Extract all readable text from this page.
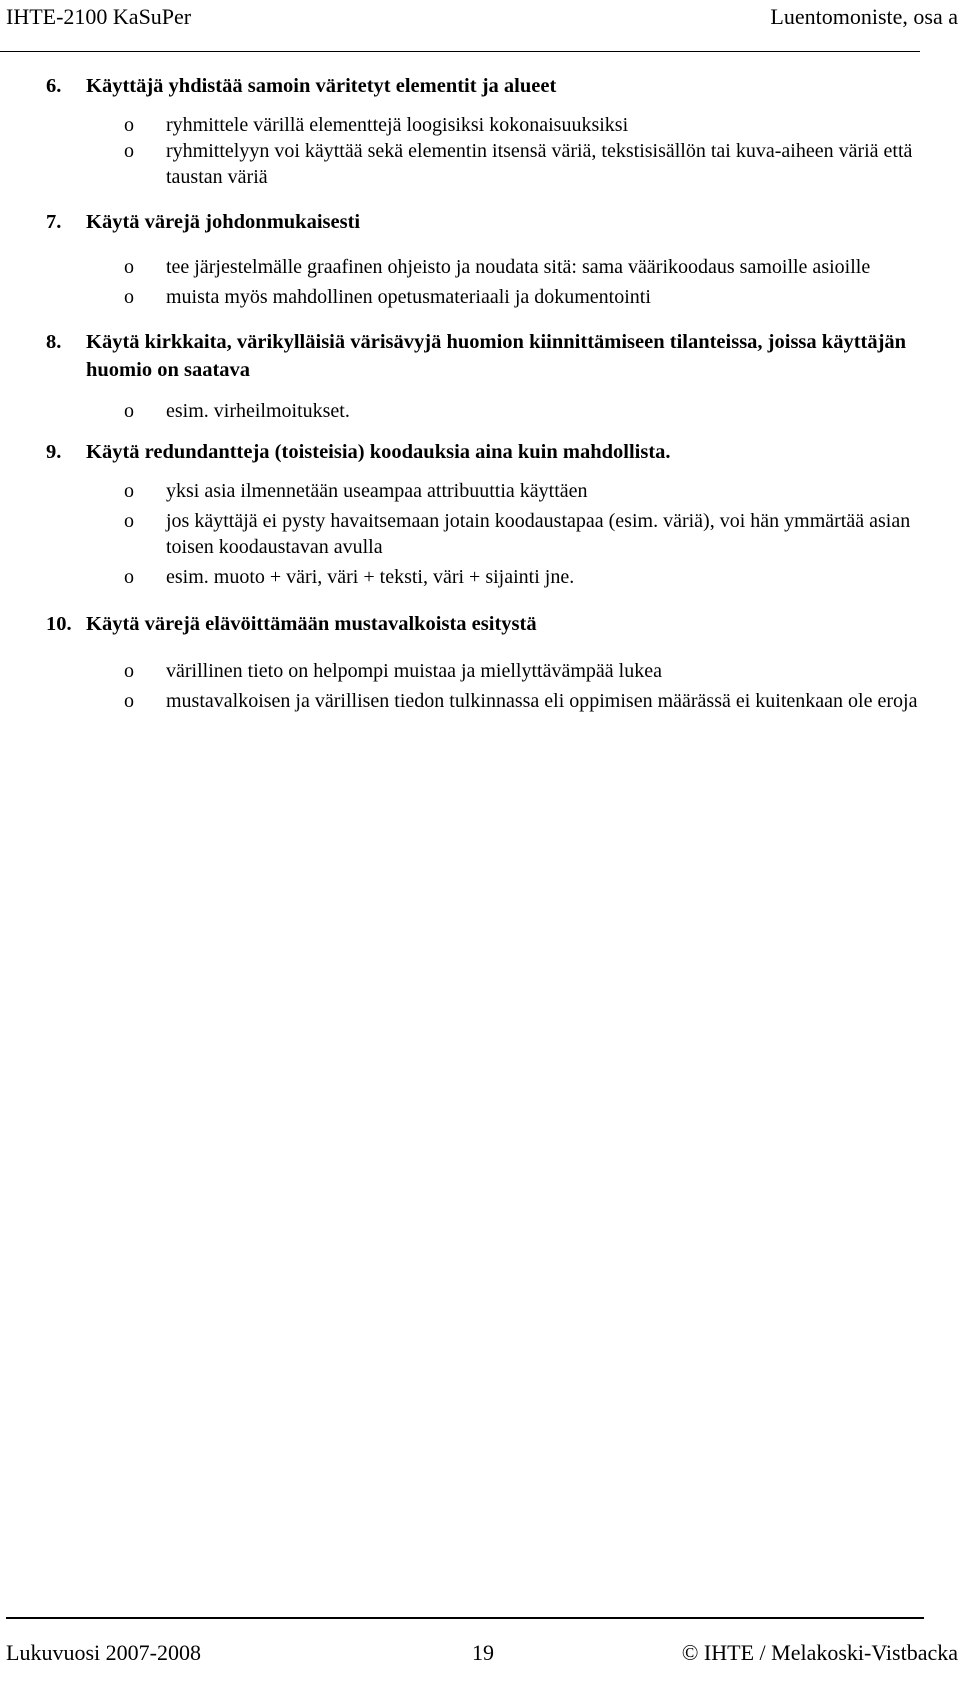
IHTE-2100 KaSuPer	Luentomoniste, osa a
6. Käyttäjä yhdistää samoin väritetyt elementit ja alueet
o ryhmittele värillä elementtejä loogisiksi kokonaisuuksiksi
o ryhmittelyyn voi käyttää sekä elementin itsensä väriä, tekstisisällön tai kuva-aiheen väriä että taustan väriä
7. Käytä värejä johdonmukaisesti
o tee järjestelmälle graafinen ohjeisto ja noudata sitä: sama väärikoodaus samoille asioille
o muista myös mahdollinen opetusmateriaali ja dokumentointi
8. Käytä kirkkaita, värikylläisiä värisävyjä huomion kiinnittämiseen tilanteissa, joissa käyttäjän huomio on saatava
o esim. virheilmoitukset.
9. Käytä redundantteja (toisteisia) koodauksia aina kuin mahdollista.
o yksi asia ilmennetään useampaa attribuuttia käyttäen
o jos käyttäjä ei pysty havaitsemaan jotain koodaustapaa (esim. väriä), voi hän ymmärtää asian toisen koodaustavan avulla
o esim. muoto + väri, väri + teksti, väri + sijainti jne.
10. Käytä värejä elävöittämään mustavalkoista esitystä
o värillinen tieto on helpompi muistaa ja miellyttävämpää lukea
o mustavalkoisen ja värillisen tiedon tulkinnassa eli oppimisen määrässä ei kuitenkaan ole eroja
Lukuvuosi 2007-2008	19	© IHTE / Melakoski-Vistbacka
